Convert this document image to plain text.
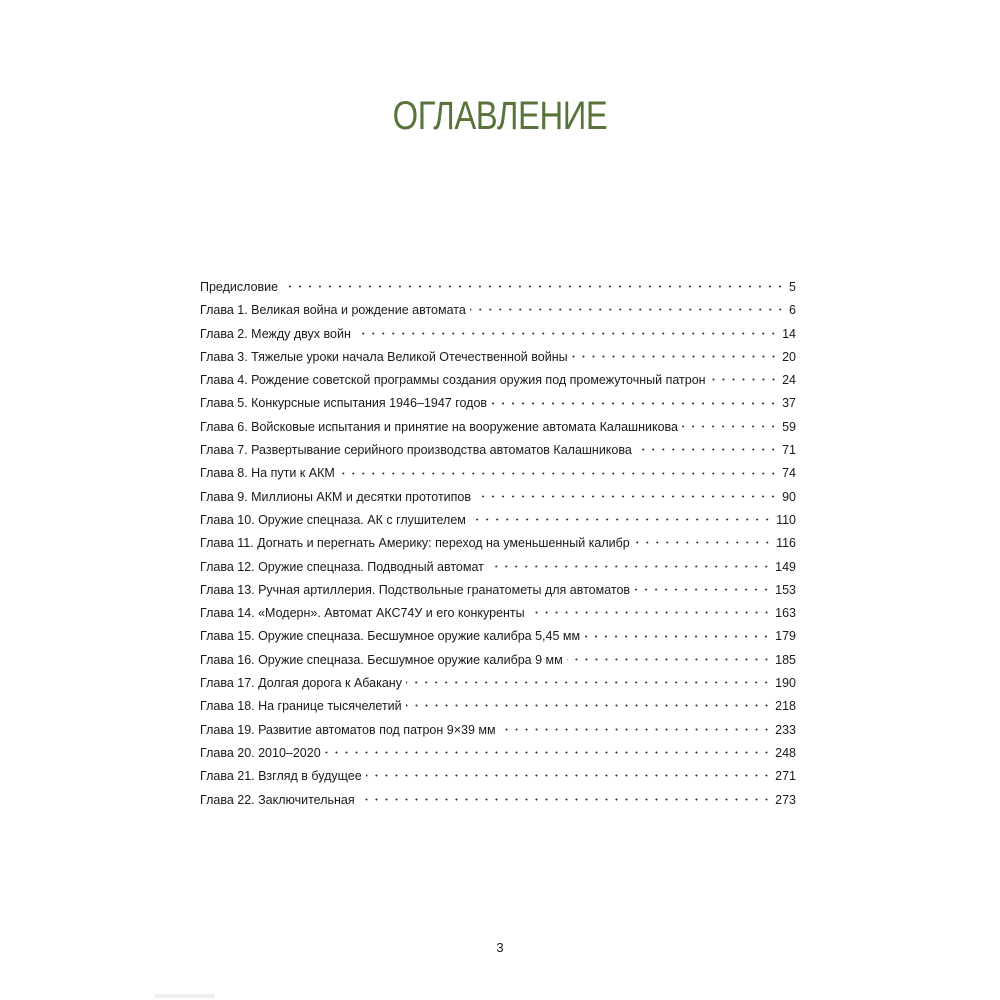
ОГЛАВЛЕНИЕ
Предисловие	5
Глава 1. Великая война и рождение автомата	6
Глава 2. Между двух войн	14
Глава 3. Тяжелые уроки начала Великой Отечественной войны	20
Глава 4. Рождение советской программы создания оружия под промежуточный патрон	24
Глава 5. Конкурсные испытания 1946–1947 годов	37
Глава 6. Войсковые испытания и принятие на вооружение автомата Калашникова	59
Глава 7. Развертывание серийного производства автоматов Калашникова	71
Глава 8. На пути к АКМ	74
Глава 9. Миллионы АКМ и десятки прототипов	90
Глава 10. Оружие спецназа. АК с глушителем	110
Глава 11. Догнать и перегнать Америку: переход на уменьшенный калибр	116
Глава 12. Оружие спецназа. Подводный автомат	149
Глава 13. Ручная артиллерия. Подствольные гранатометы для автоматов	153
Глава 14. «Модерн». Автомат АКС74У и его конкуренты	163
Глава 15. Оружие спецназа. Бесшумное оружие калибра 5,45 мм	179
Глава 16. Оружие спецназа. Бесшумное оружие калибра 9 мм	185
Глава 17. Долгая дорога к Абакану	190
Глава 18. На границе тысячелетий	218
Глава 19. Развитие автоматов под патрон 9×39 мм	233
Глава 20. 2010–2020	248
Глава 21. Взгляд в будущее	271
Глава 22. Заключительная	273
3
